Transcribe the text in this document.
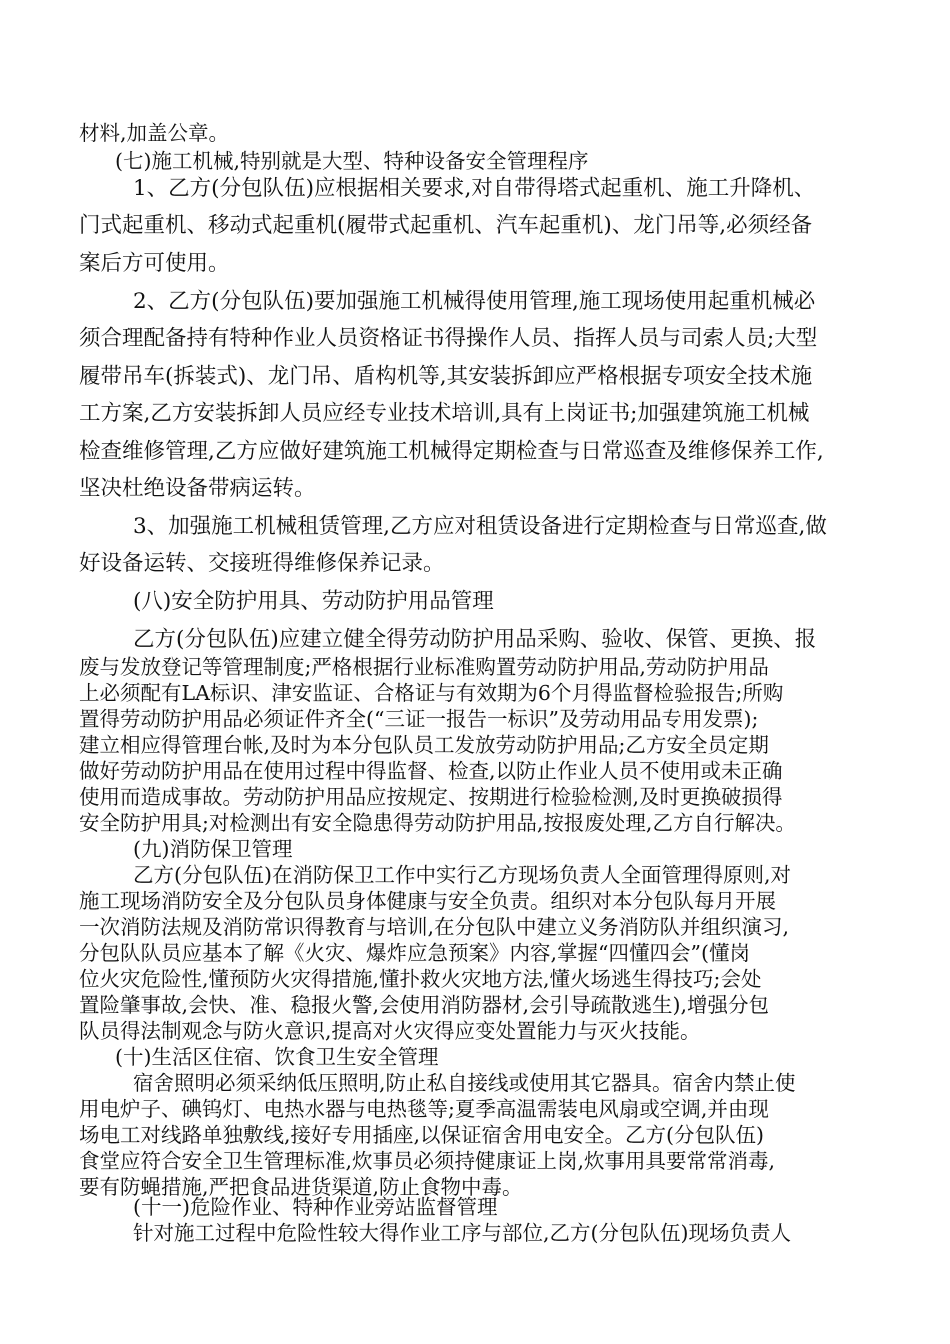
材料,加盖公章。
(七)施工机械,特别就是大型、特种设备安全管理程序
1、乙方(分包队伍)应根据相关要求,对自带得塔式起重机、施工升降机、
门式起重机、移动式起重机(履带式起重机、汽车起重机)、龙门吊等,必须经备
案后方可使用。
2、乙方(分包队伍)要加强施工机械得使用管理,施工现场使用起重机械必
须合理配备持有特种作业人员资格证书得操作人员、指挥人员与司索人员;大型
履带吊车(拆装式)、龙门吊、盾构机等,其安装拆卸应严格根据专项安全技术施
工方案,乙方安装拆卸人员应经专业技术培训,具有上岗证书;加强建筑施工机械
检查维修管理,乙方应做好建筑施工机械得定期检查与日常巡查及维修保养工作,
坚决杜绝设备带病运转。
3、加强施工机械租赁管理,乙方应对租赁设备进行定期检查与日常巡查,做
好设备运转、交接班得维修保养记录。
(八)安全防护用具、劳动防护用品管理
乙方(分包队伍)应建立健全得劳动防护用品采购、验收、保管、更换、报
废与发放登记等管理制度;严格根据行业标准购置劳动防护用品,劳动防护用品
上必须配有LA标识、津安监证、合格证与有效期为6个月得监督检验报告;所购
置得劳动防护用品必须证件齐全(“三证一报告一标识”及劳动用品专用发票);
建立相应得管理台帐,及时为本分包队员工发放劳动防护用品;乙方安全员定期
做好劳动防护用品在使用过程中得监督、检查,以防止作业人员不使用或未正确
使用而造成事故。劳动防护用品应按规定、按期进行检验检测,及时更换破损得
安全防护用具;对检测出有安全隐患得劳动防护用品,按报废处理,乙方自行解决。
(九)消防保卫管理
乙方(分包队伍)在消防保卫工作中实行乙方现场负责人全面管理得原则,对
施工现场消防安全及分包队员身体健康与安全负责。组织对本分包队每月开展
一次消防法规及消防常识得教育与培训,在分包队中建立义务消防队并组织演习,
分包队队员应基本了解《火灾、爆炸应急预案》内容,掌握“四懂四会”(懂岗
位火灾危险性,懂预防火灾得措施,懂扑救火灾地方法,懂火场逃生得技巧;会处
置险肇事故,会快、准、稳报火警,会使用消防器材,会引导疏散逃生),增强分包
队员得法制观念与防火意识,提高对火灾得应变处置能力与灭火技能。
(十)生活区住宿、饮食卫生安全管理
宿舍照明必须采纳低压照明,防止私自接线或使用其它器具。宿舍内禁止使
用电炉子、碘钨灯、电热水器与电热毯等;夏季高温需装电风扇或空调,并由现
场电工对线路单独敷线,接好专用插座,以保证宿舍用电安全。乙方(分包队伍)
食堂应符合安全卫生管理标准,炊事员必须持健康证上岗,炊事用具要常常消毒,
要有防蝇措施,严把食品进货渠道,防止食物中毒。
(十一)危险作业、特种作业旁站监督管理
针对施工过程中危险性较大得作业工序与部位,乙方(分包队伍)现场负责人
